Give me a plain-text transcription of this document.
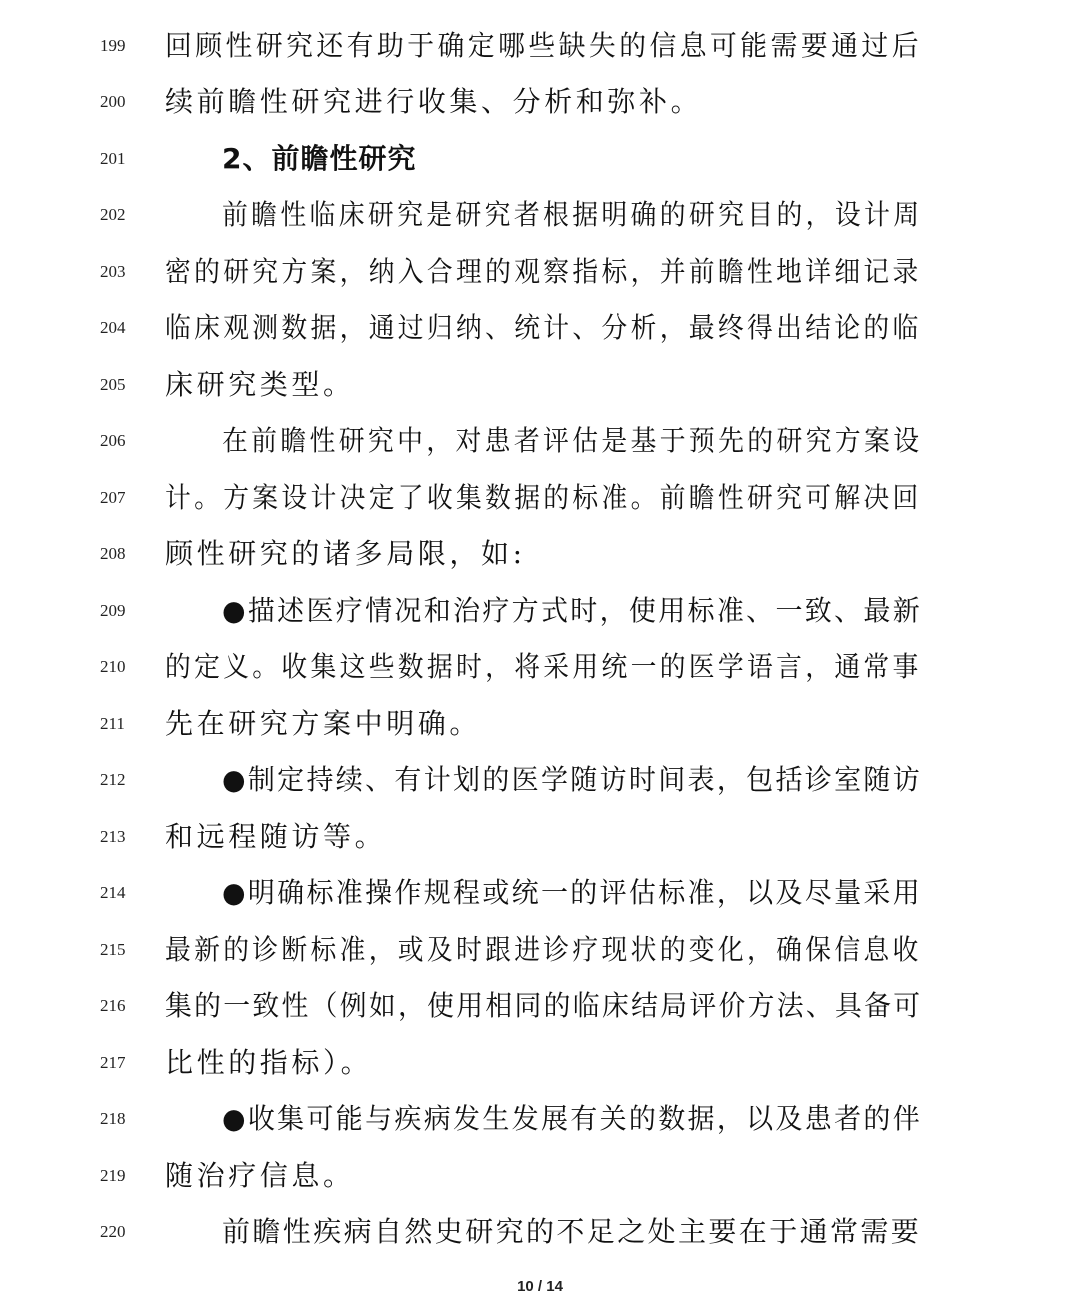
199	回顾性研究还有助于确定哪些缺失的信息可能需要通过后
200	续前瞻性研究进行收集、分析和弥补。
201	2、前瞻性研究
202	前瞻性临床研究是研究者根据明确的研究目的，设计周
203	密的研究方案，纳入合理的观察指标，并前瞻性地详细记录
204	临床观测数据，通过归纳、统计、分析，最终得出结论的临
205	床研究类型。
206	在前瞻性研究中，对患者评估是基于预先的研究方案设
207	计。方案设计决定了收集数据的标准。前瞻性研究可解决回
208	顾性研究的诸多局限，如:
209	●描述医疗情况和治疗方式时，使用标准、一致、最新
210	的定义。收集这些数据时，将采用统一的医学语言，通常事
211	先在研究方案中明确。
212	●制定持续、有计划的医学随访时间表，包括诊室随访
213	和远程随访等。
214	●明确标准操作规程或统一的评估标准，以及尽量采用
215	最新的诊断标准，或及时跟进诊疗现状的变化，确保信息收
216	集的一致性（例如，使用相同的临床结局评价方法、具备可
217	比性的指标）。
218	●收集可能与疾病发生发展有关的数据，以及患者的伴
219	随治疗信息。
220	前瞻性疾病自然史研究的不足之处主要在于通常需要
10 / 14
